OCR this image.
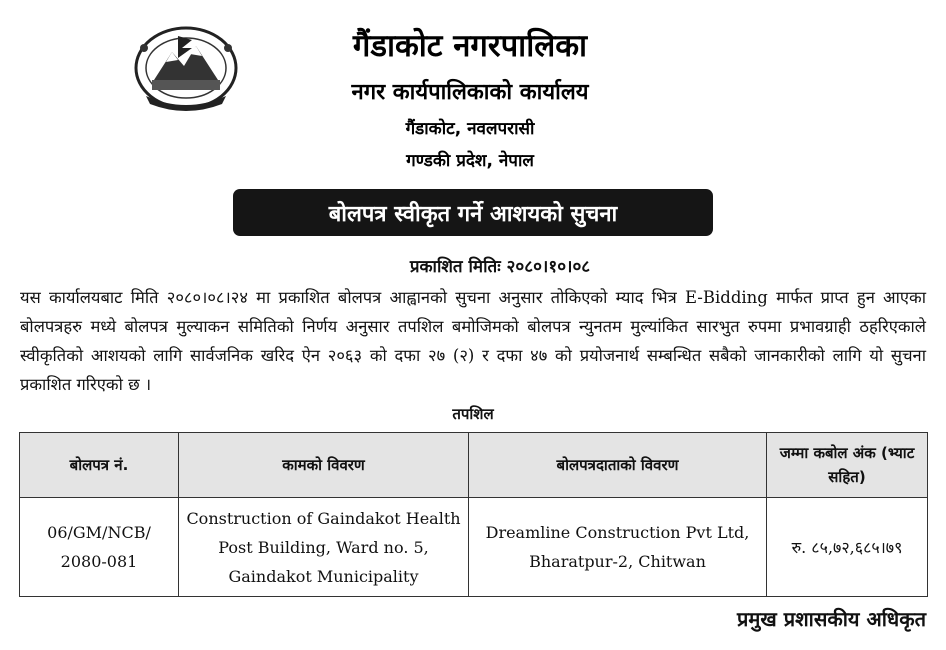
गैंडाकोट नगरपालिका
नगर कार्यपालिकाको कार्यालय
गैंडाकोट, नवलपरासी
गण्डकी प्रदेश, नेपाल
बोलपत्र स्वीकृत गर्ने आशयको सुचना
प्रकाशित मितिः २०८०।१०।०८
यस कार्यालयबाट मिति २०८०।०८।२४ मा प्रकाशित बोलपत्र आह्वानको सुचना अनुसार तोकिएको म्याद भित्र E-Bidding मार्फत प्राप्त हुन आएका बोलपत्रहरु मध्ये बोलपत्र मुल्याकन समितिको निर्णय अनुसार तपशिल बमोजिमको बोलपत्र न्युनतम मुल्यांकित सारभुत रुपमा प्रभावग्राही ठहरिएकाले स्वीकृतिको आशयको लागि सार्वजनिक खरिद ऐन २०६३ को दफा २७ (२) र दफा ४७ को प्रयोजनार्थ सम्बन्धित सबैको जानकारीको लागि यो सुचना प्रकाशित गरिएको छ ।
तपशिल
बोलपत्र नं.	कामको विवरण	बोलपत्रदाताको विवरण	जम्मा कबोल अंक (भ्याट सहित)
06/GM/NCB/ 2080-081	Construction of Gaindakot Health Post Building, Ward no. 5, Gaindakot Municipality	Dreamline Construction Pvt Ltd, Bharatpur-2, Chitwan	रु. ८५,७२,६८५।७९
प्रमुख प्रशासकीय अधिकृत
